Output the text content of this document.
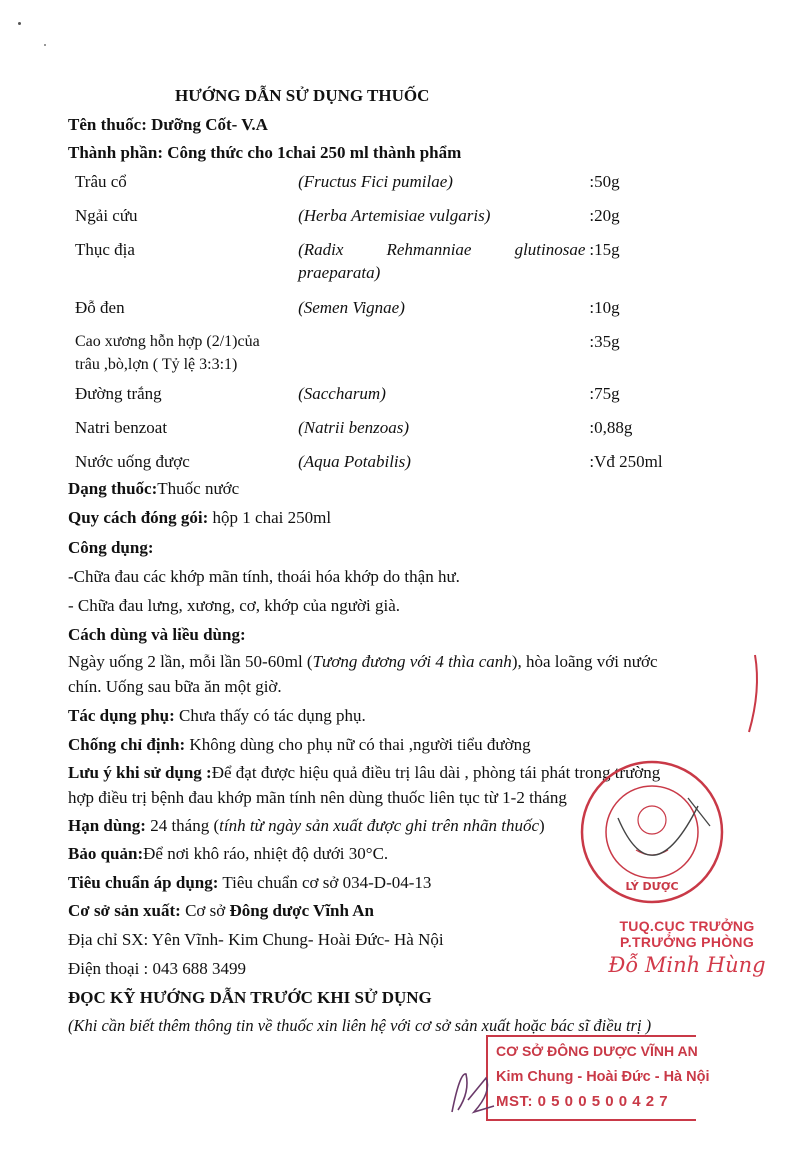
HƯỚNG DẪN SỬ DỤNG THUỐC
Tên thuốc: Dưỡng Cốt- V.A
Thành phần: Công thức cho 1chai 250 ml thành phẩm
Trâu cổ	(Fructus Fici pumilae)	:50g
Ngải cứu	(Herba Artemisiae vulgaris)	:20g
Thục địa	(Radix Rehmanniae glutinosae
praeparata)	:15g
Đỗ đen	(Semen Vignae)	:10g

Cao xương hỗn hợp (2/1)của
trâu ,bò,lợn ( Tỷ lệ 3:3:1)		:35g
Đường trắng	(Saccharum)	:75g
Natri benzoat	(Natrii benzoas)	:0,88g
Nước uống được	(Aqua Potabilis)	:Vđ 250ml
Dạng thuốc:Thuốc nước
Quy cách đóng gói: hộp 1 chai 250ml
Công dụng:
-Chữa đau các khớp mãn tính, thoái hóa khớp do thận hư.
- Chữa đau lưng, xương, cơ, khớp của người già.
Cách dùng và liều dùng:
Ngày uống 2 lần, mỗi lần 50-60ml (Tương đương với 4 thìa canh), hòa loãng với nước
chín. Uống sau bữa ăn một giờ.
Tác dụng phụ: Chưa thấy có tác dụng phụ.
Chống chỉ định: Không dùng cho phụ nữ có thai ,người tiểu đường
Lưu ý khi sử dụng :Để đạt được hiệu quả điều trị lâu dài , phòng tái phát trong trường
hợp điều trị bệnh đau khớp mãn tính nên dùng thuốc liên tục từ 1-2 tháng
Hạn dùng: 24 tháng (tính từ ngày sản xuất được ghi trên nhãn thuốc)
Bảo quản:Để nơi khô ráo, nhiệt độ dưới 30°C.
Tiêu chuẩn áp dụng: Tiêu chuẩn cơ sở 034-D-04-13
Cơ sở sản xuất: Cơ sở Đông dược Vĩnh An
Địa chỉ SX: Yên Vĩnh- Kim Chung- Hoài Đức- Hà Nội
Điện thoại : 043 688 3499
ĐỌC KỸ HƯỚNG DẪN TRƯỚC KHI SỬ DỤNG
(Khi cần biết thêm thông tin về thuốc xin liên hệ với cơ sở sản xuất hoặc bác sĩ điều trị )
LÝ DƯỢC
TUQ.CỤC TRƯỞNG
P.TRƯỞNG PHÒNG
Đỗ Minh Hùng
CƠ SỞ ĐÔNG DƯỢC VĨNH AN
Kim Chung - Hoài Đức - Hà Nội
MST: 0 5 0 0 5 0 0 4 2 7
